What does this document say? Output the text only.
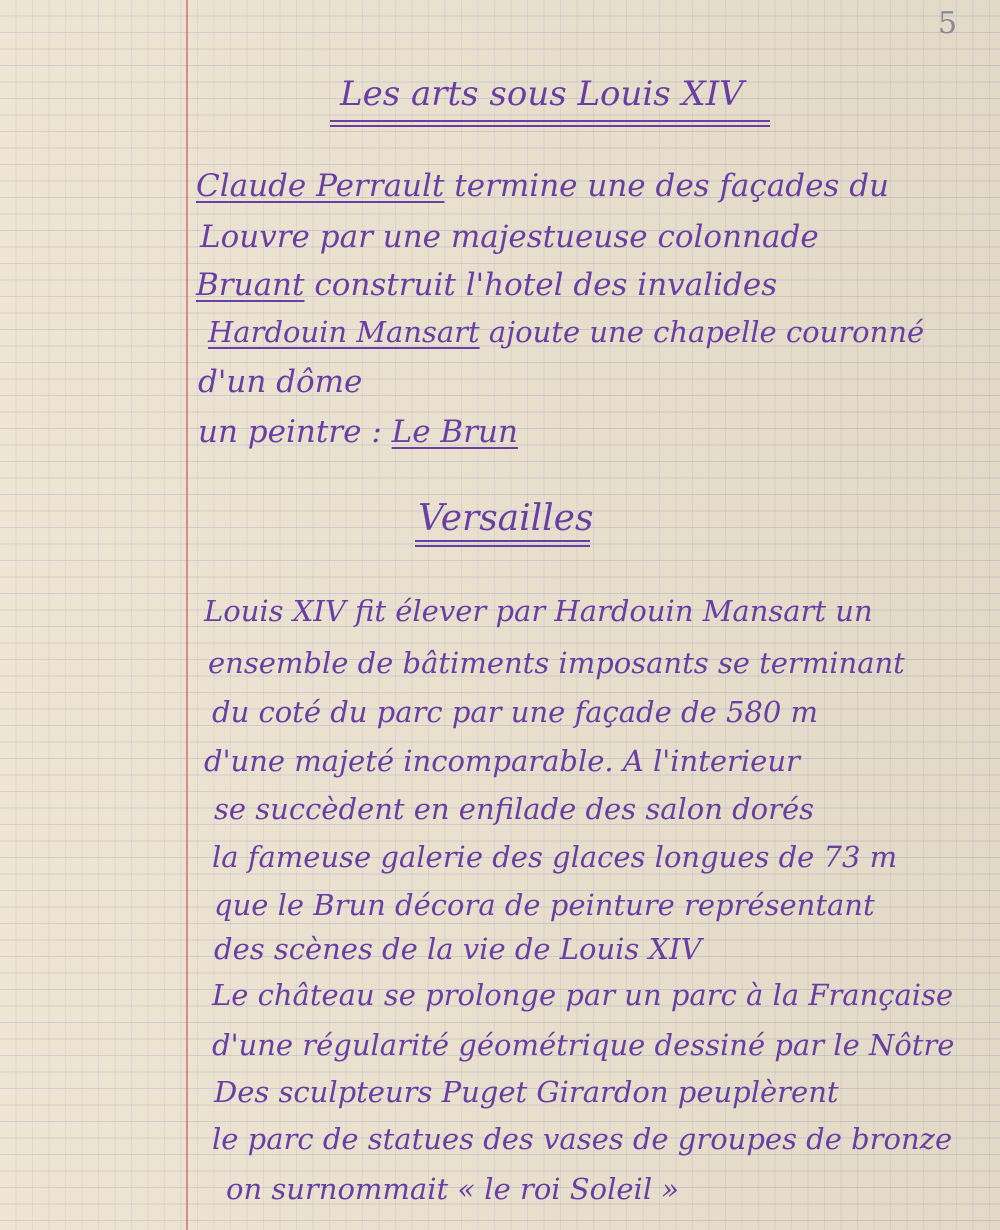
5
Les arts sous Louis XIV
Claude Perrault termine une des façades du
Louvre par une majestueuse colonnade
Bruant construit l'hotel des invalides
Hardouin Mansart ajoute une chapelle couronné
d'un dôme
un peintre : Le Brun
Versailles
Louis XIV fit élever par Hardouin Mansart un
ensemble de bâtiments imposants se terminant
du coté du parc par une façade de 580 m
d'une majeté incomparable. A l'interieur
se succèdent en enfilade des salon dorés
la fameuse galerie des glaces longues de 73 m
que le Brun décora de peinture représentant
des scènes de la vie de Louis XIV
Le château se prolonge par un parc à la Française
d'une régularité géométrique dessiné par le Nôtre
Des sculpteurs Puget Girardon peuplèrent
le parc de statues des vases de groupes de bronze
on surnommait « le roi Soleil »
